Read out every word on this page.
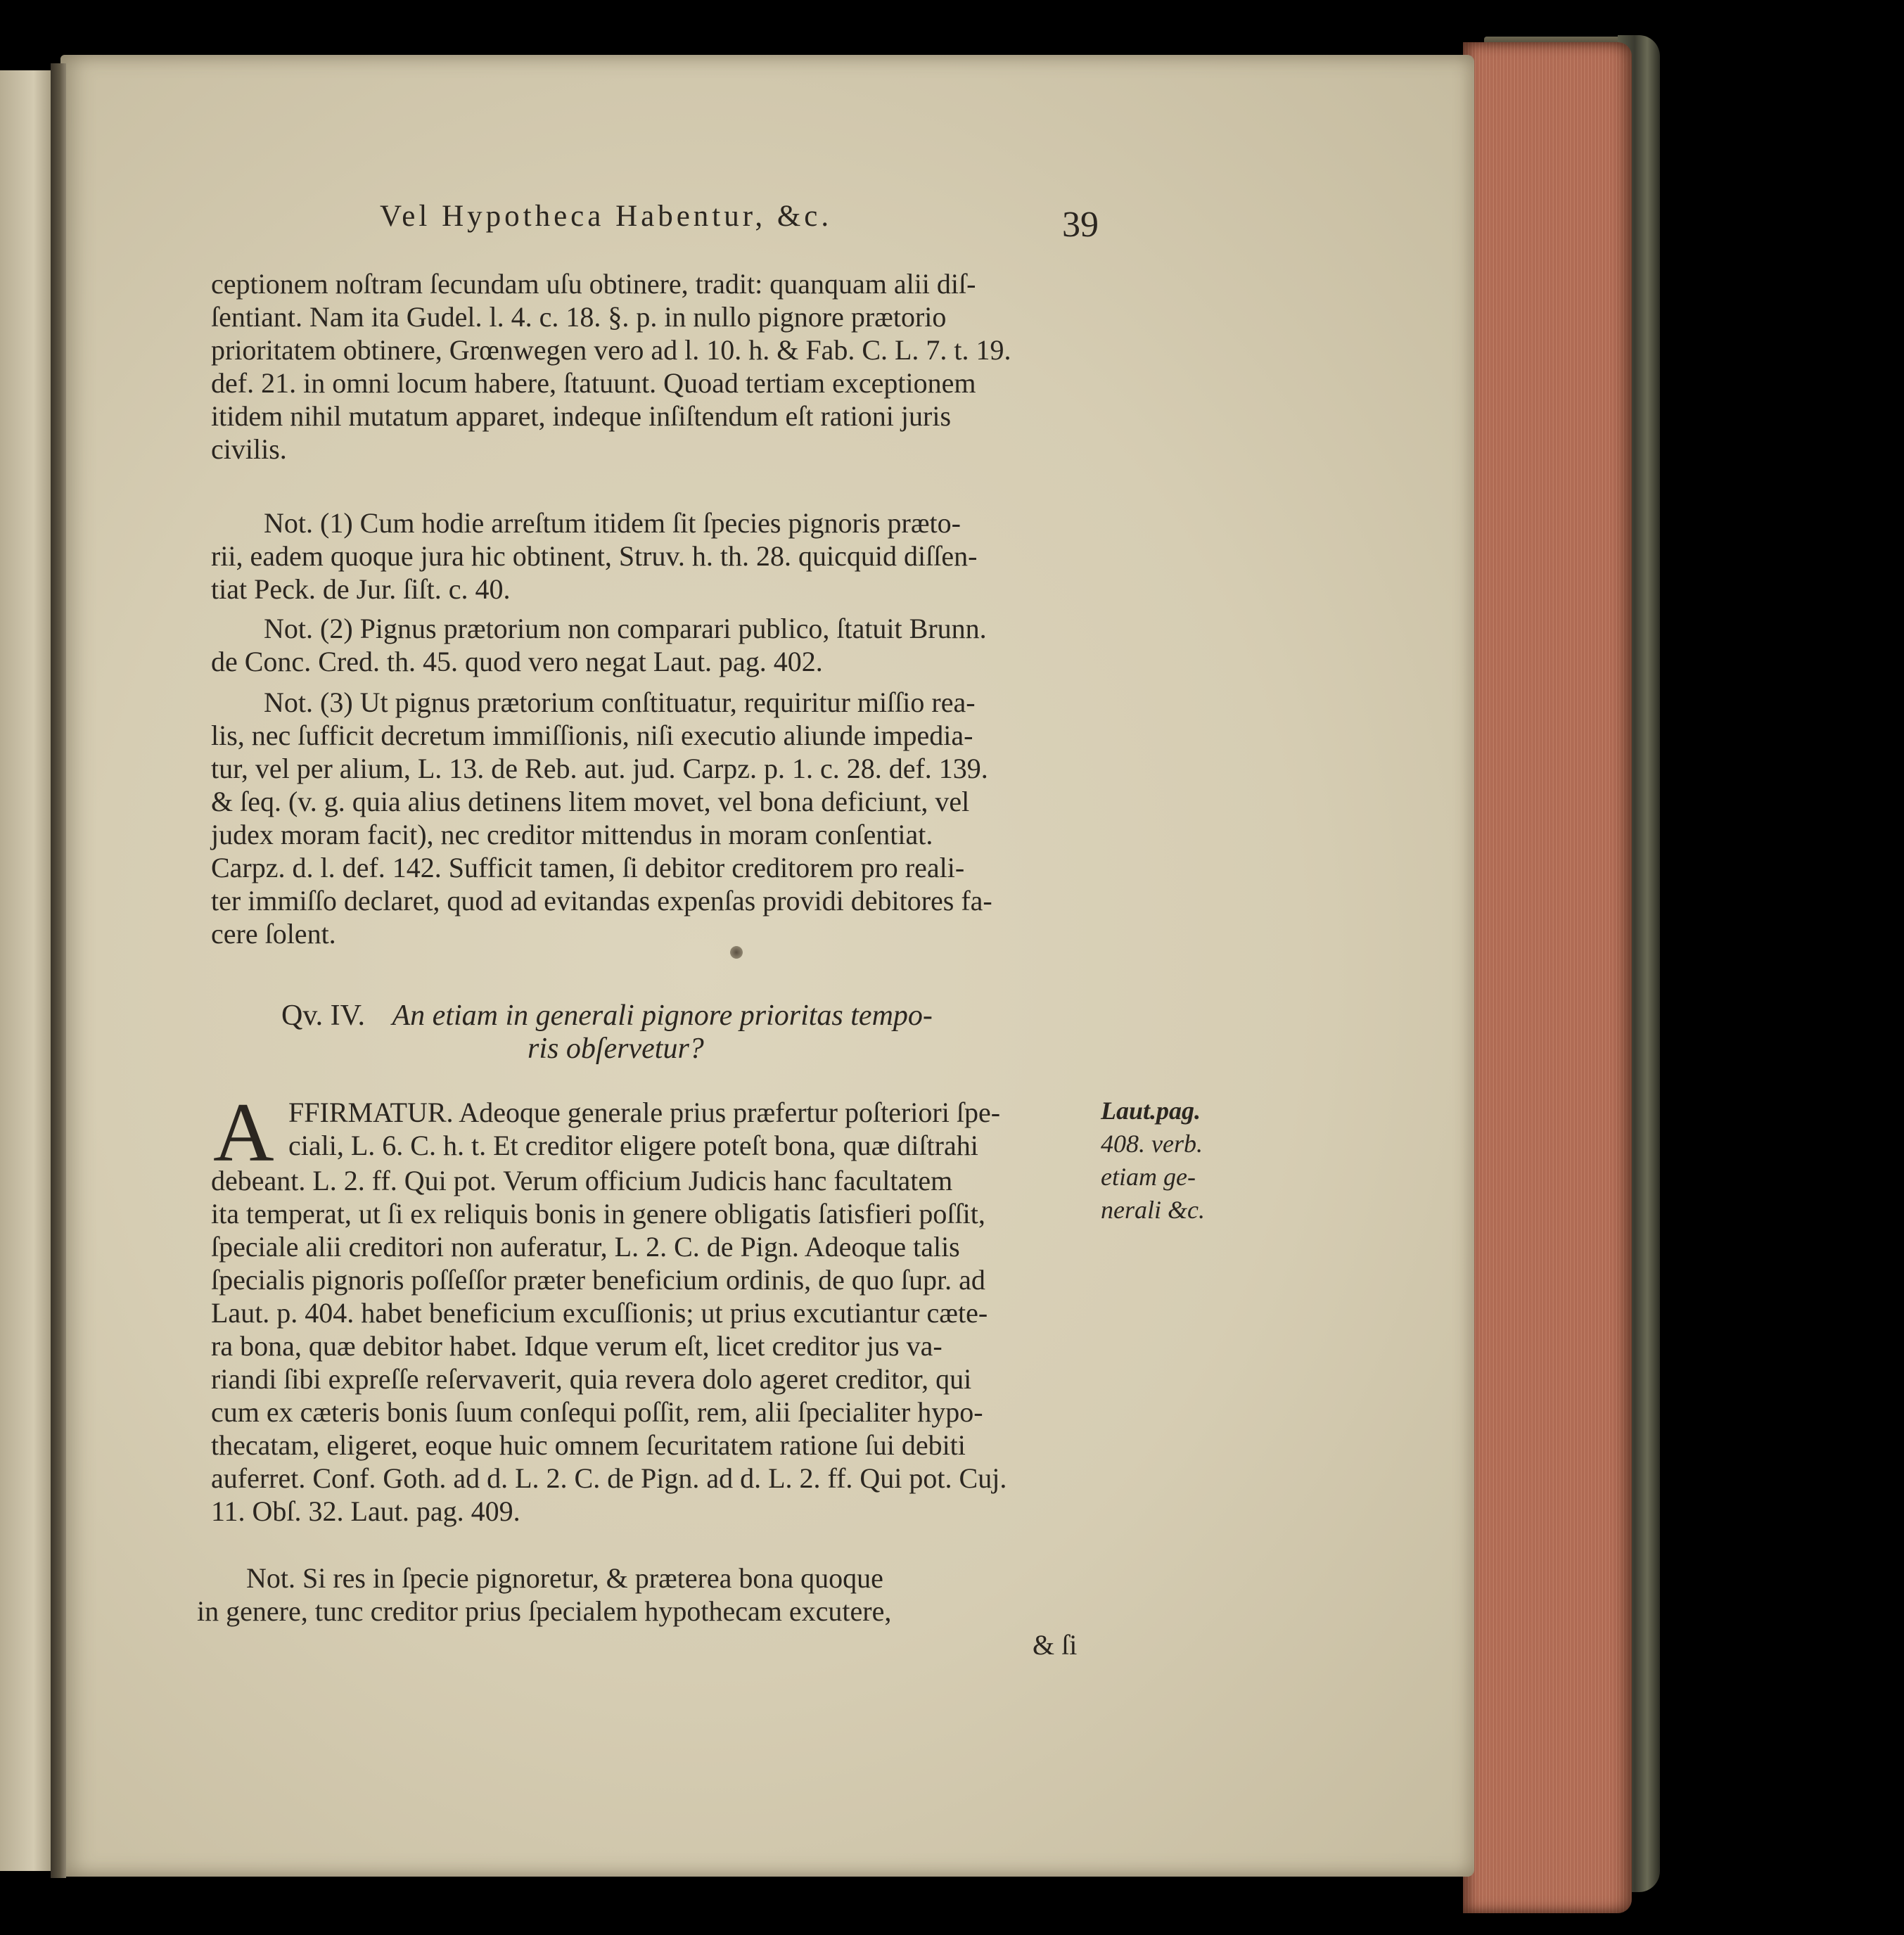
Vel Hypotheca Habentur, &c.	39
ceptionem noſtram ſecundam uſu obtinere, tradit: quanquam alii diſ-
ſentiant. Nam ita Gudel. l. 4. c. 18. §. p. in nullo pignore prætorio
prioritatem obtinere, Grœnwegen vero ad l. 10. h. & Fab. C. L. 7. t. 19.
def. 21. in omni locum habere, ſtatuunt. Quoad tertiam exceptionem
itidem nihil mutatum apparet, indeque inſiſtendum eſt rationi juris
civilis.
Not. (1) Cum hodie arreſtum itidem ſit ſpecies pignoris præto-
rii, eadem quoque jura hic obtinent, Struv. h. th. 28. quicquid diſſen-
tiat Peck. de Jur. ſiſt. c. 40.
Not. (2) Pignus prætorium non comparari publico, ſtatuit Brunn.
de Conc. Cred. th. 45. quod vero negat Laut. pag. 402.
Not. (3) Ut pignus prætorium conſtituatur, requiritur miſſio rea-
lis, nec ſufficit decretum immiſſionis, niſi executio aliunde impedia-
tur, vel per alium, L. 13. de Reb. aut. jud. Carpz. p. 1. c. 28. def. 139.
& ſeq. (v. g. quia alius detinens litem movet, vel bona deficiunt, vel
judex moram facit), nec creditor mittendus in moram conſentiat.
Carpz. d. l. def. 142. Sufficit tamen, ſi debitor creditorem pro reali-
ter immiſſo declaret, quod ad evitandas expenſas providi debitores fa-
cere ſolent.
Qv. IV. An etiam in generali pignore prioritas tempo-
ris obſervetur?
A FFIRMATUR. Adeoque generale prius præfertur poſteriori ſpe-
ciali, L. 6. C. h. t. Et creditor eligere poteſt bona, quæ diſtrahi
debeant. L. 2. ff. Qui pot. Verum officium Judicis hanc facultatem
ita temperat, ut ſi ex reliquis bonis in genere obligatis ſatisfieri poſſit,
ſpeciale alii creditori non auferatur, L. 2. C. de Pign. Adeoque talis
ſpecialis pignoris poſſeſſor præter beneficium ordinis, de quo ſupr. ad
Laut. p. 404. habet beneficium excuſſionis; ut prius excutiantur cæte-
ra bona, quæ debitor habet. Idque verum eſt, licet creditor jus va-
riandi ſibi expreſſe reſervaverit, quia revera dolo ageret creditor, qui
cum ex cæteris bonis ſuum conſequi poſſit, rem, alii ſpecialiter hypo-
thecatam, eligeret, eoque huic omnem ſecuritatem ratione ſui debiti
auferret. Conf. Goth. ad d. L. 2. C. de Pign. ad d. L. 2. ff. Qui pot. Cuj.
11. Obſ. 32. Laut. pag. 409.
Not. Si res in ſpecie pignoretur, & præterea bona quoque
in genere, tunc creditor prius ſpecialem hypothecam excutere,
& ſi
Laut.pag.
408. verb.
etiam ge-
nerali &c.
